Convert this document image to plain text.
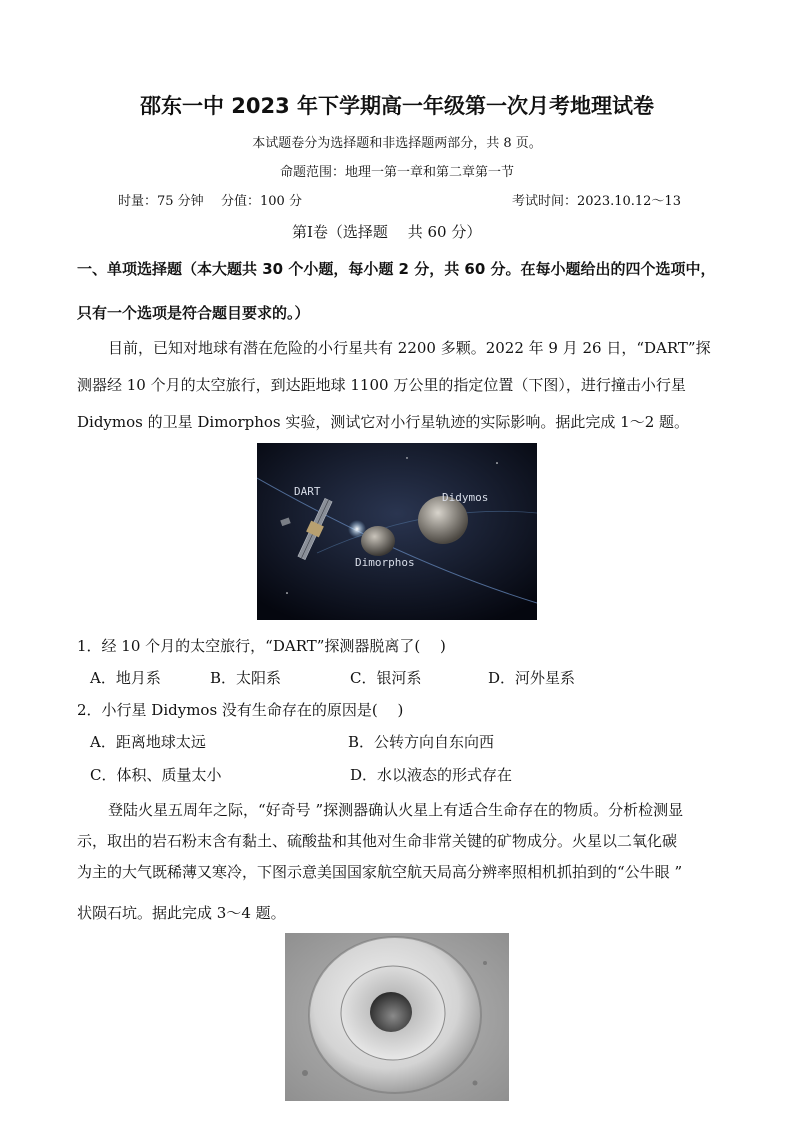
邵东一中 2023 年下学期高一年级第一次月考地理试卷
本试题卷分为选择题和非选择题两部分，共 8 页。
命题范围：地理一第一章和第二章第一节
时量：75 分钟 分值：100 分	考试时间：2023.10.12～13
第Ⅰ卷（选择题　 共 60 分）
一、单项选择题（本大题共 30 个小题，每小题 2 分，共 60 分。在每小题给出的四个选项中，
只有一个选项是符合题目要求的。）
目前，已知对地球有潜在危险的小行星共有 2200 多颗。2022 年 9 月 26 日，“DART”探
测器经 10 个月的太空旅行，到达距地球 1100 万公里的指定位置（下图），进行撞击小行星
Didymos 的卫星 Dimorphos 实验，测试它对小行星轨迹的实际影响。据此完成 1～2 题。
DART	Didymos
Dimorphos
1．经 10 个月的太空旅行，“DART”探测器脱离了(　 )
A．地月系	B．太阳系	C．银河系	D．河外星系
2．小行星 Didymos 没有生命存在的原因是(　 )
A．距离地球太远	B．公转方向自东向西
C．体积、质量太小	D．水以液态的形式存在
登陆火星五周年之际，“好奇号 ”探测器确认火星上有适合生命存在的物质。分析检测显
示，取出的岩石粉末含有黏土、硫酸盐和其他对生命非常关键的矿物成分。火星以二氧化碳
为主的大气既稀薄又寒冷，下图示意美国国家航空航天局高分辨率照相机抓拍到的“公牛眼 ”
状陨石坑。据此完成 3～4 题。
